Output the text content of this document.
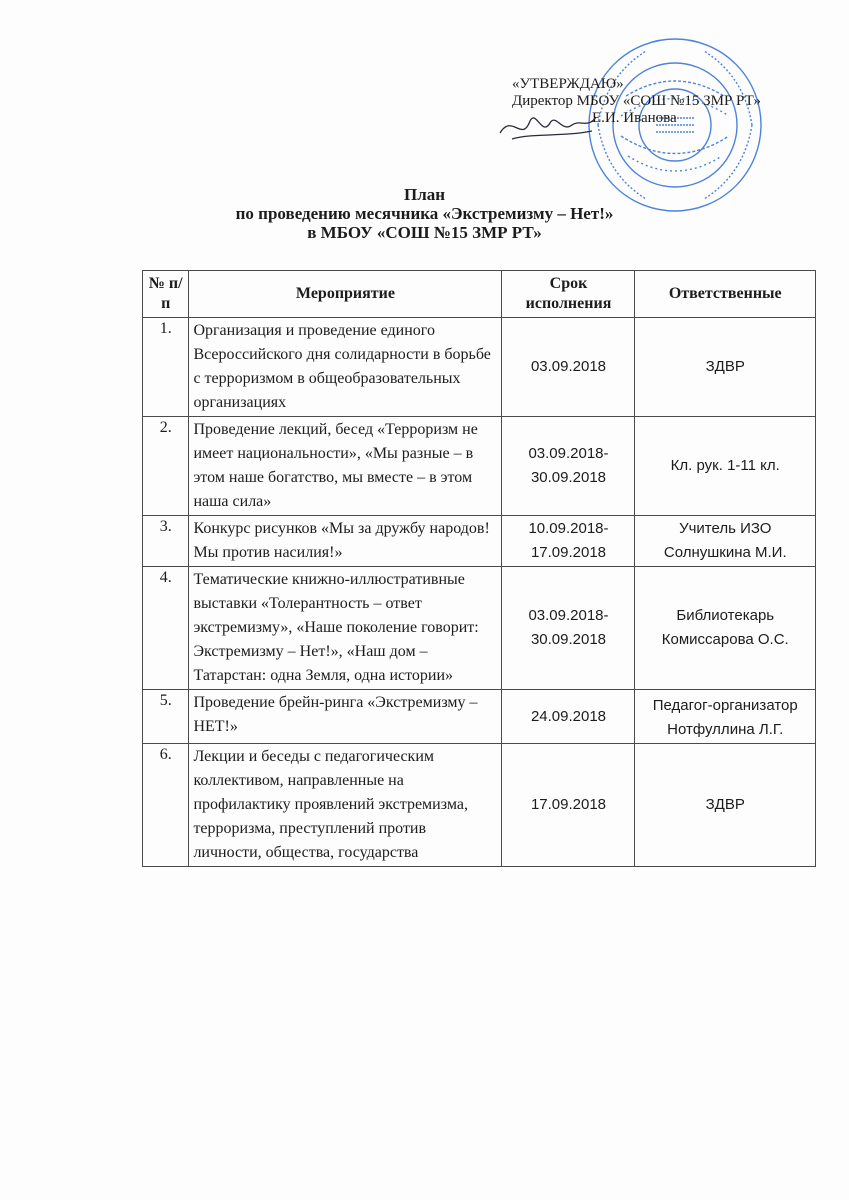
«УТВЕРЖДАЮ»
Директор МБОУ «СОШ №15 ЗМР РТ»
Е.И. Иванова
План
по проведению месячника «Экстремизму – Нет!»
в МБОУ «СОШ №15 ЗМР РТ»
№ п/п	Мероприятие	Срок исполнения	Ответственные
1.	Организация и проведение единого Всероссийского дня солидарности в борьбе с терроризмом в общеобразовательных организациях	03.09.2018	ЗДВР
2.	Проведение лекций, бесед «Терроризм не имеет национальности», «Мы разные – в этом наше богатство, мы вместе – в этом наша сила»	03.09.2018-30.09.2018	Кл. рук. 1-11 кл.
3.	Конкурс рисунков «Мы за дружбу народов! Мы против насилия!»	10.09.2018-17.09.2018	Учитель ИЗО Солнушкина М.И.
4.	Тематические книжно-иллюстративные выставки «Толерантность – ответ экстремизму», «Наше поколение говорит: Экстремизму – Нет!», «Наш дом – Татарстан: одна Земля, одна истории»	03.09.2018-30.09.2018	Библиотекарь Комиссарова О.С.
5.	Проведение брейн-ринга «Экстремизму – НЕТ!»	24.09.2018	Педагог-организатор Нотфуллина Л.Г.
6.	Лекции и беседы с педагогическим коллективом, направленные на профилактику проявлений экстремизма, терроризма, преступлений против личности, общества, государства	17.09.2018	ЗДВР
